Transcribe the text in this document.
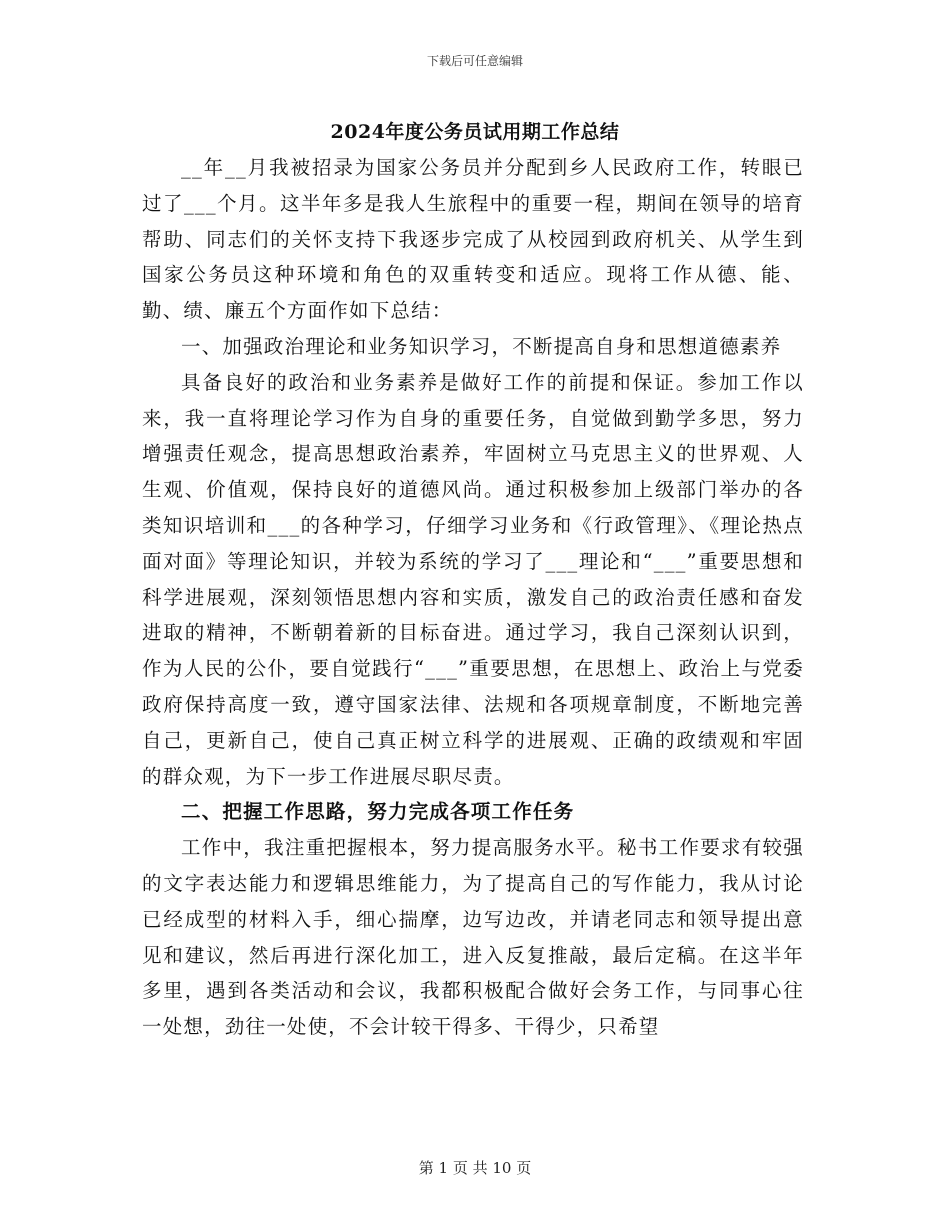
下载后可任意编辑
2024年度公务员试用期工作总结

__年__月我被招录为国家公务员并分配到乡人民政府工作，转眼已过了___个月。这半年多是我人生旅程中的重要一程，期间在领导的培育帮助、同志们的关怀支持下我逐步完成了从校园到政府机关、从学生到国家公务员这种环境和角色的双重转变和适应。现将工作从德、能、勤、绩、廉五个方面作如下总结：

一、加强政治理论和业务知识学习，不断提高自身和思想道德素养

具备良好的政治和业务素养是做好工作的前提和保证。参加工作以来，我一直将理论学习作为自身的重要任务，自觉做到勤学多思，努力增强责任观念，提高思想政治素养，牢固树立马克思主义的世界观、人生观、价值观，保持良好的道德风尚。通过积极参加上级部门举办的各类知识培训和___的各种学习，仔细学习业务和《行政管理》、《理论热点面对面》等理论知识，并较为系统的学习了___理论和“___”重要思想和科学进展观，深刻领悟思想内容和实质，激发自己的政治责任感和奋发进取的精神，不断朝着新的目标奋进。通过学习，我自己深刻认识到，作为人民的公仆，要自觉践行“___”重要思想，在思想上、政治上与党委政府保持高度一致，遵守国家法律、法规和各项规章制度，不断地完善自己，更新自己，使自己真正树立科学的进展观、正确的政绩观和牢固的群众观，为下一步工作进展尽职尽责。

二、把握工作思路，努力完成各项工作任务

工作中，我注重把握根本，努力提高服务水平。秘书工作要求有较强的文字表达能力和逻辑思维能力，为了提高自己的写作能力，我从讨论已经成型的材料入手，细心揣摩，边写边改，并请老同志和领导提出意见和建议，然后再进行深化加工，进入反复推敲，最后定稿。在这半年多里，遇到各类活动和会议，我都积极配合做好会务工作，与同事心往一处想，劲往一处使，不会计较干得多、干得少，只希望

第 1 页 共 10 页
